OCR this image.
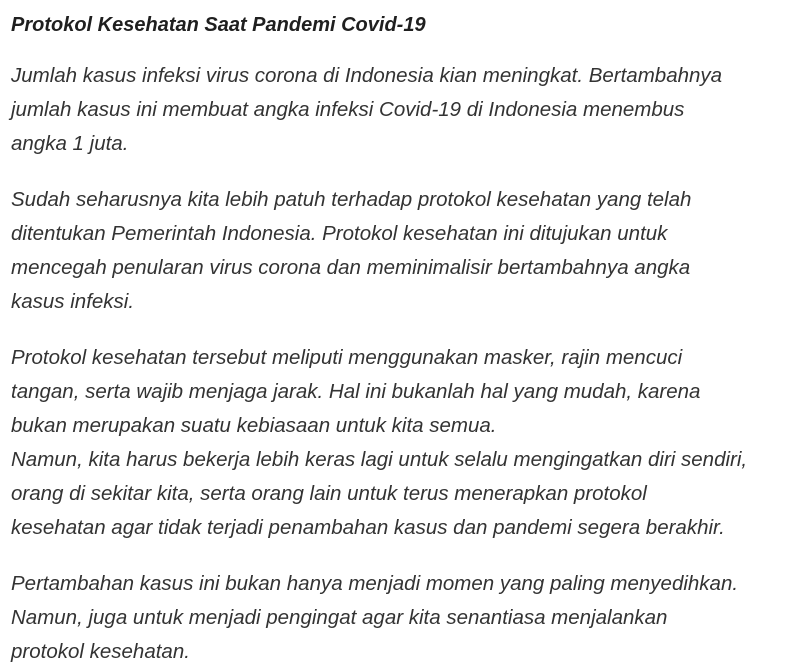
Protokol Kesehatan Saat Pandemi Covid-19

Jumlah kasus infeksi virus corona di Indonesia kian meningkat. Bertambahnya
jumlah kasus ini membuat angka infeksi Covid-19 di Indonesia menembus
angka 1 juta.

Sudah seharusnya kita lebih patuh terhadap protokol kesehatan yang telah
ditentukan Pemerintah Indonesia. Protokol kesehatan ini ditujukan untuk
mencegah penularan virus corona dan meminimalisir bertambahnya angka
kasus infeksi.

Protokol kesehatan tersebut meliputi menggunakan masker, rajin mencuci
tangan, serta wajib menjaga jarak. Hal ini bukanlah hal yang mudah, karena
bukan merupakan suatu kebiasaan untuk kita semua.

Namun, kita harus bekerja lebih keras lagi untuk selalu mengingatkan diri sendiri,
orang di sekitar kita, serta orang lain untuk terus menerapkan protokol
kesehatan agar tidak terjadi penambahan kasus dan pandemi segera berakhir.

Pertambahan kasus ini bukan hanya menjadi momen yang paling menyedihkan.
Namun, juga untuk menjadi pengingat agar kita senantiasa menjalankan
protokol kesehatan.
